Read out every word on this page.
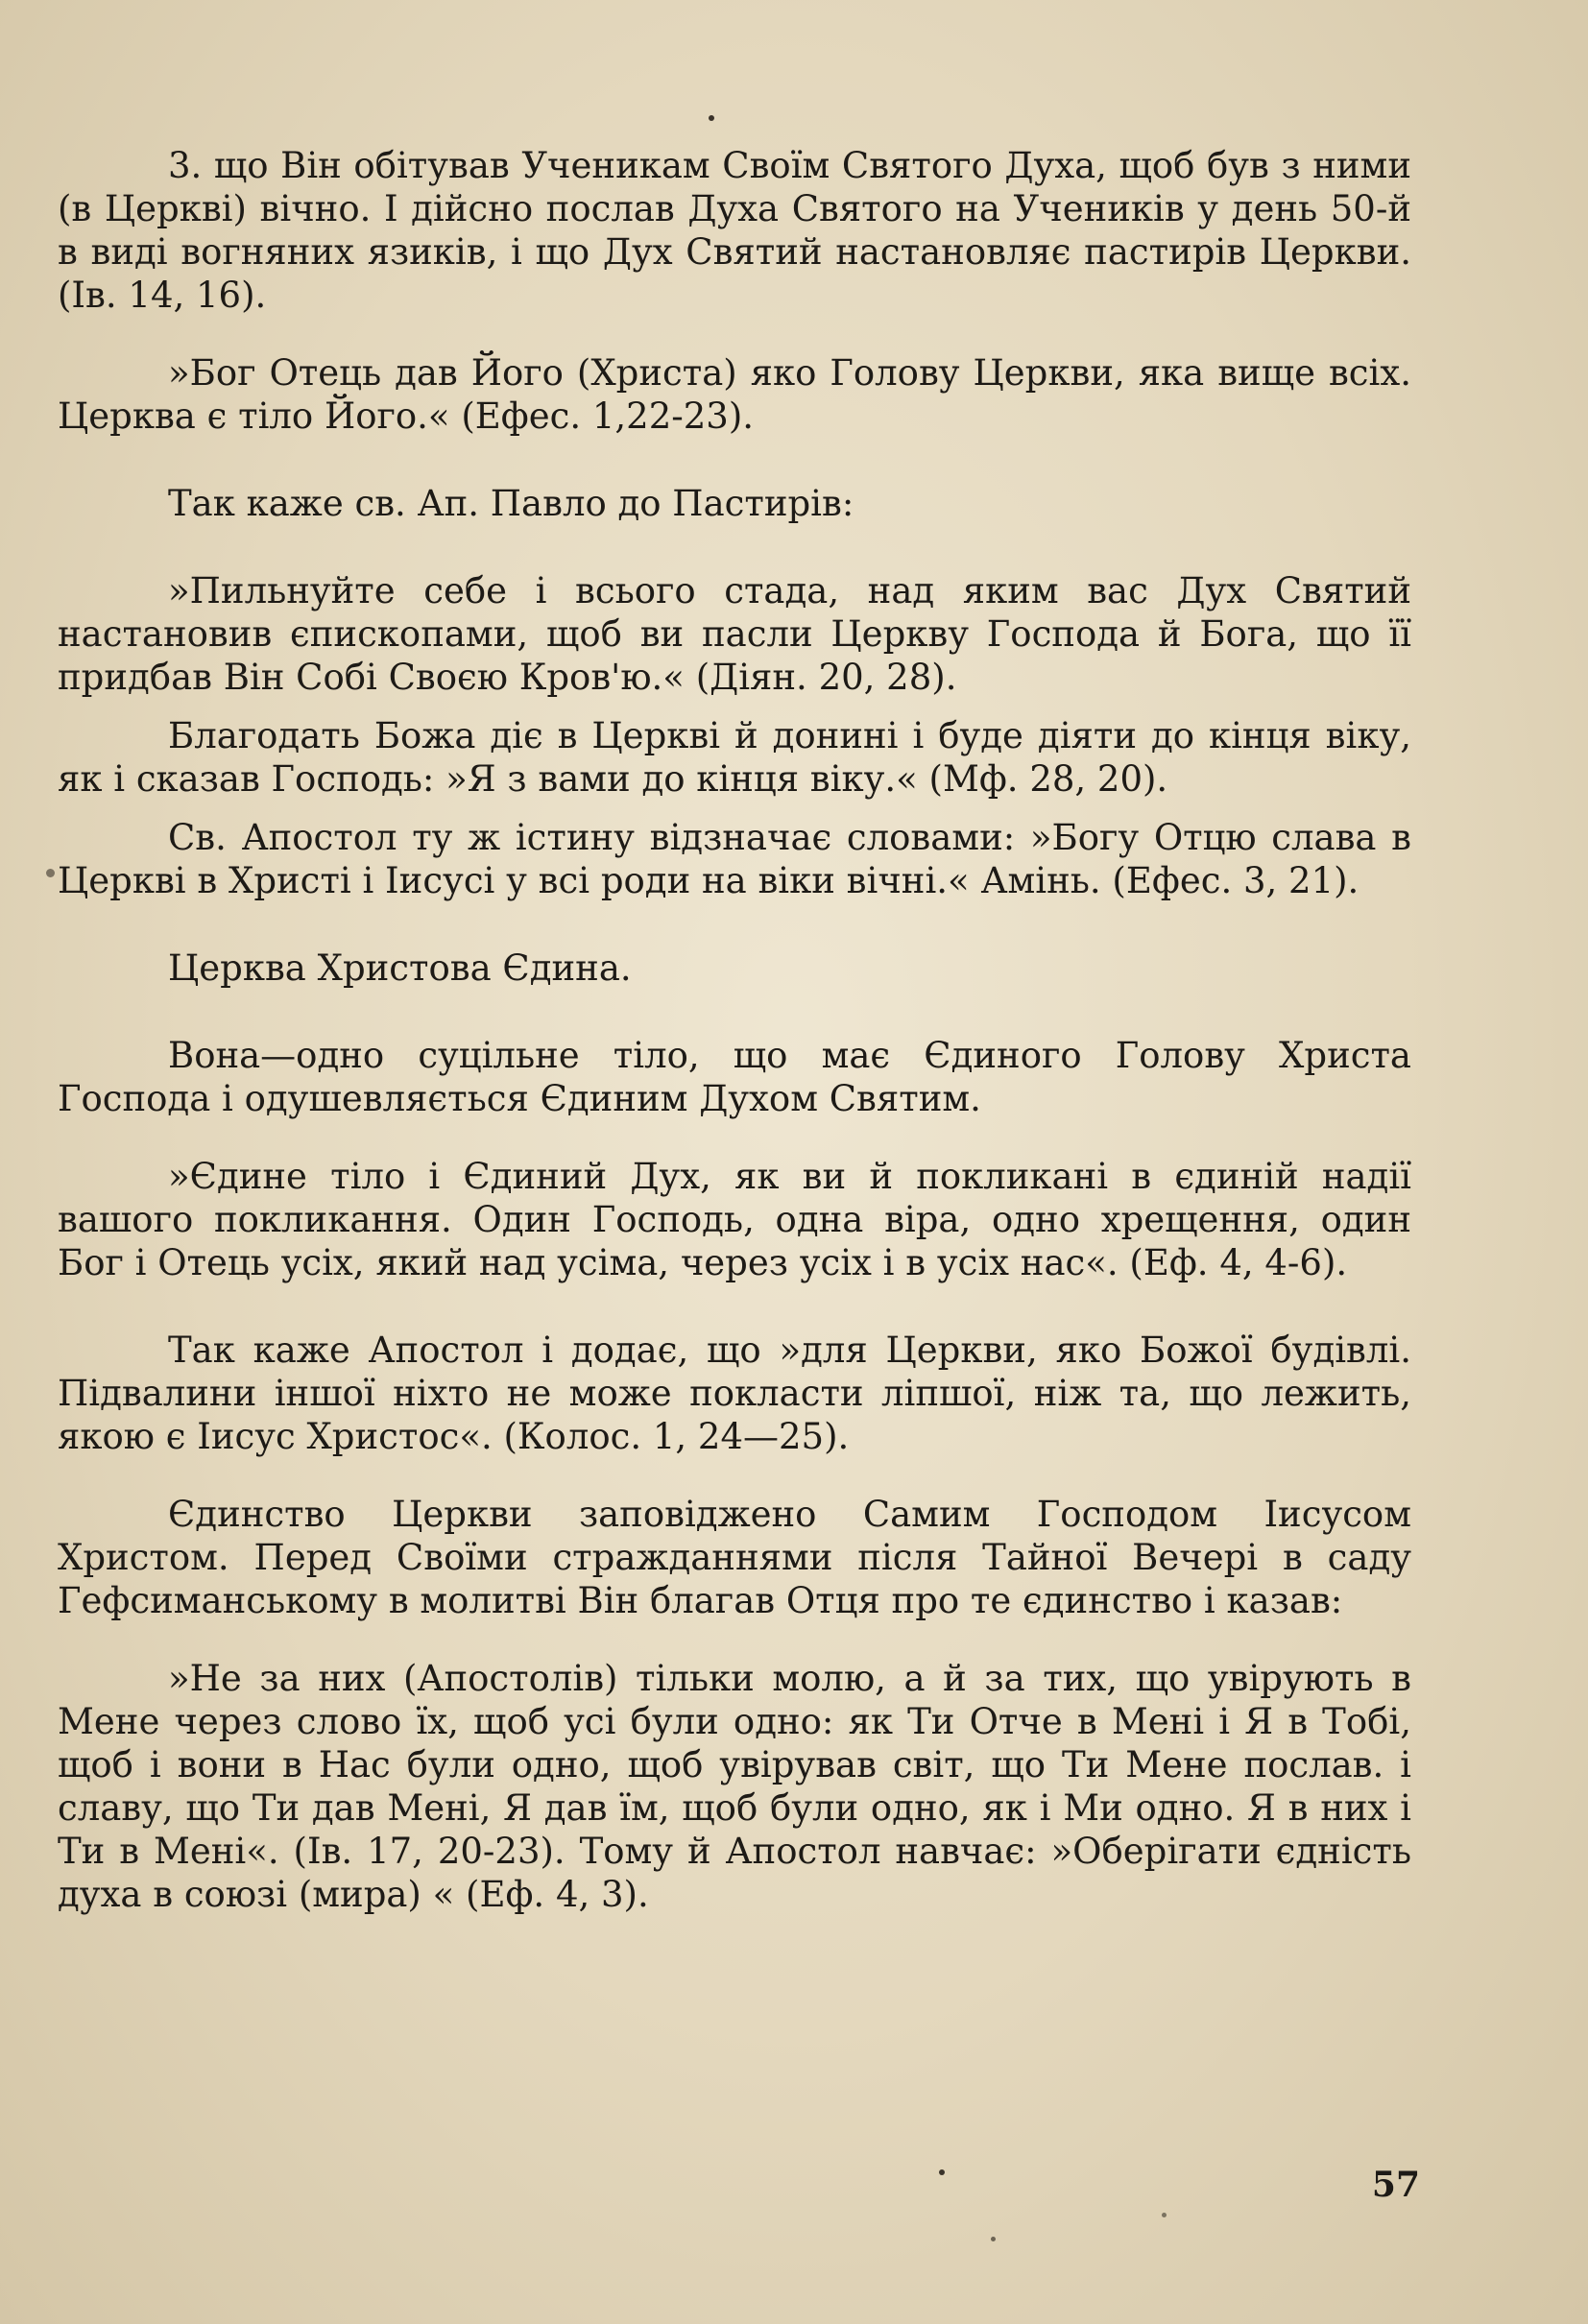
3. що Він обітував Ученикам Своїм Святого Духа, щоб був з ними (в Церкві) вічно. І дійсно послав Духа Святого на Учеників у день 50-й в виді вогняних язиків, і що Дух Святий настановляє пастирів Церкви. (Ів. 14, 16).

»Бог Отець дав Його (Христа) яко Голову Церкви, яка вище всіх. Церква є тіло Його.« (Ефес. 1,22-23).

Так каже св. Ап. Павло до Пастирів:

»Пильнуйте себе і всього стада, над яким вас Дух Святий настановив єпископами, щоб ви пасли Церкву Господа й Бога, що її придбав Він Собі Своєю Кров'ю.« (Діян. 20, 28).

Благодать Божа діє в Церкві й донині і буде діяти до кінця віку, як і сказав Господь: »Я з вами до кінця віку.« (Мф. 28, 20).

Св. Апостол ту ж істину відзначає словами: »Богу Отцю слава в Церкві в Христі і Іисусі у всі роди на віки вічні.« Амінь. (Ефес. 3, 21).

Церква Христова Єдина.

Вона—одно суцільне тіло, що має Єдиного Голову Христа Господа і одушевляється Єдиним Духом Святим.

»Єдине тіло і Єдиний Дух, як ви й покликані в єдиній надії вашого покликання. Один Господь, одна віра, одно хрещення, один Бог і Отець усіх, який над усіма, через усіх і в усіх нас«. (Еф. 4, 4-6).

Так каже Апостол і додає, що »для Церкви, яко Божої будівлі. Підвалини іншої ніхто не може покласти ліпшої, ніж та, що лежить, якою є Іисус Христос«. (Колос. 1, 24—25).

Єдинство Церкви заповіджено Самим Господом Іисусом Христом. Перед Своїми стражданнями після Тайної Вечері в саду Гефсиманському в молитві Він благав Отця про те єдинство і казав:

»Не за них (Апостолів) тільки молю, а й за тих, що увірують в Мене через слово їх, щоб усі були одно: як Ти Отче в Мені і Я в Тобі, щоб і вони в Нас були одно, щоб увірував світ, що Ти Мене послав. і славу, що Ти дав Мені, Я дав їм, щоб були одно, як і Ми одно. Я в них і Ти в Мені«. (Ів. 17, 20-23). Тому й Апостол навчає: »Оберігати єдність духа в союзі (мира) « (Еф. 4, 3).

57
